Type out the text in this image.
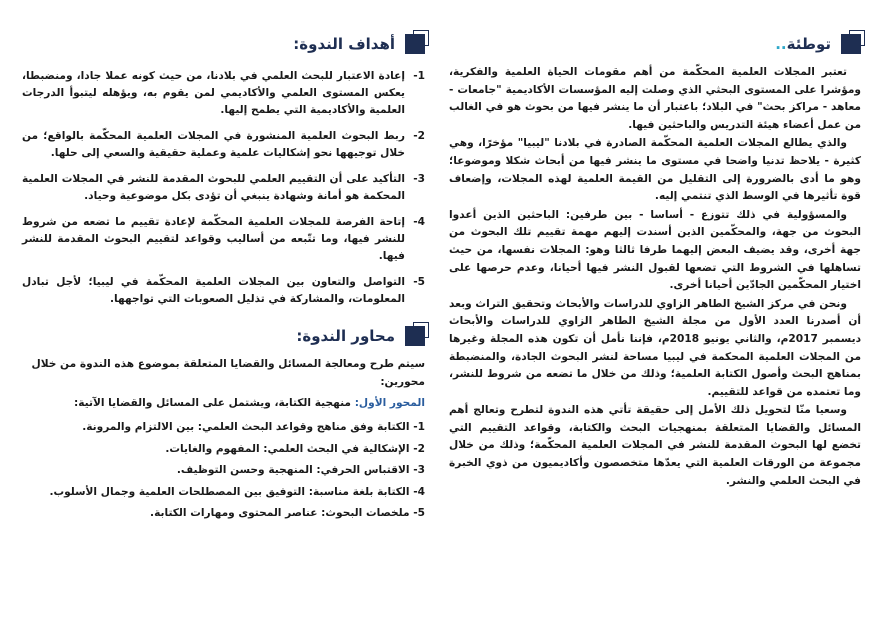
توطئة..

تعتبر المجلات العلمية المحكّمة من أهم مقومات الحياة العلمية والفكرية، ومؤشرا على المستوى البحثي الذي وصلت إليه المؤسسات الأكاديمية "جامعات - معاهد - مراكز بحث" في البلاد؛ باعتبار أن ما ينشر فيها من بحوث هو في الغالب من عمل أعضاء هيئة التدريس والباحثين فيها.

والذي يطالع المجلات العلمية المحكّمة الصادرة في بلادنا "ليبيا" مؤخرًا، وهي كثيرة - يلاحظ تدنيا واضحا في مستوى ما ينشر فيها من أبحاث شكلا وموضوعا؛ وهو ما أدى بالضرورة إلى التقليل من القيمة العلمية لهذه المجلات، وإضعاف قوة تأثيرها في الوسط الذي تنتمي إليه.

والمسؤولية في ذلك تتوزع - أساسا - بين طرفين: الباحثين الذين أعدوا البحوث من جهة، والمحكّمين الذين أسندت إليهم مهمة تقييم تلك البحوث من جهة أخرى، وقد يضيف البعض إليهما طرفا ثالثا وهو: المجلات نفسها، من حيث تساهلها في الشروط التي تضعها لقبول النشر فيها أحيانا، وعدم حرصها على اختيار المحكّمين الجادّين أحيانا أخرى.

ونحن في مركز الشيخ الطاهر الزاوي للدراسات والأبحاث وتحقيق التراث وبعد أن أصدرنا العدد الأول من مجلة الشيخ الطاهر الزاوي للدراسات والأبحاث ديسمبر 2017م، والثاني يونيو 2018م، فإننا نأمل أن تكون هذه المجلة وغيرها من المجلات العلمية المحكمة في ليبيا مساحة لنشر البحوث الجادة، والمنضبطة بمناهج البحث وأصول الكتابة العلمية؛ وذلك من خلال ما تضعه من شروط للنشر، وما تعتمده من قواعد للتقييم.

وسعيا منّا لتحويل ذلك الأمل إلى حقيقة تأتي هذه الندوة لتطرح وتعالج أهم المسائل والقضايا المتعلقة بمنهجيات البحث والكتابة، وقواعد التقييم التي تخضع لها البحوث المقدمة للنشر في المجلات العلمية المحكّمة؛ وذلك من خلال مجموعة من الورقات العلمية التي يعدّها متخصصون وأكاديميون من ذوي الخبرة في البحث العلمي والنشر.

أهداف الندوة:
1-
إعادة الاعتبار للبحث العلمي في بلادنا، من حيث كونه عملا جادا، ومنضبطا، يعكس المستوى العلمي والأكاديمي لمن يقوم به، ويؤهله ليتبوأ الدرجات العلمية والأكاديمية التي يطمح إليها.
2-
ربط البحوث العلمية المنشورة في المجلات العلمية المحكّمة بالواقع؛ من خلال توجيهها نحو إشكاليات علمية وعملية حقيقية والسعي إلى حلها.
3-
التأكيد على أن التقييم العلمي للبحوث المقدمة للنشر في المجلات العلمية المحكمة هو أمانة وشهادة ينبغي أن تؤدى بكل موضوعية وحياد.
4-
إتاحة الفرصة للمجلات العلمية المحكّمة لإعادة تقييم ما تضعه من شروط للنشر فيها، وما تتّبعه من أساليب وقواعد لتقييم البحوث المقدمة للنشر فيها.
5-
التواصل والتعاون بين المجلات العلمية المحكّمة في ليبيا؛ لأجل تبادل المعلومات، والمشاركة في تذليل الصعوبات التي تواجهها.
محاور الندوة:

سيتم طرح ومعالجة المسائل والقضايا المتعلقة بموضوع هذه الندوة من خلال محورين:

المحور الأول: منهجية الكتابة، ويشتمل على المسائل والقضايا الآتية:

1- الكتابة وفق مناهج وقواعد البحث العلمي: بين الالتزام والمرونة.
2- الإشكالية في البحث العلمي: المفهوم والغايات.
3- الاقتباس الحرفي: المنهجية وحسن التوظيف.
4- الكتابة بلغة مناسبة: التوفيق بين المصطلحات العلمية وجمال الأسلوب.
5- ملخصات البحوث: عناصر المحتوى ومهارات الكتابة.
